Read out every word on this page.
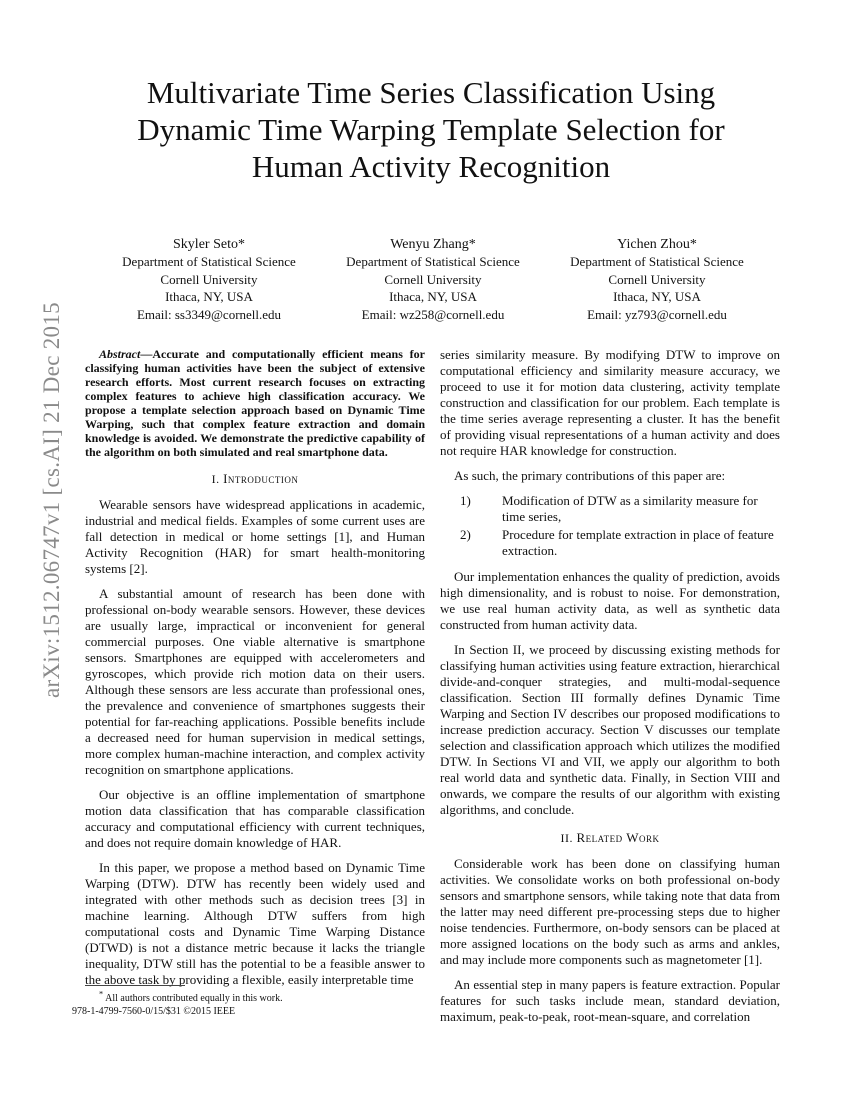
arXiv:1512.06747v1 [cs.AI] 21 Dec 2015
Multivariate Time Series Classification Using
Dynamic Time Warping Template Selection for
Human Activity Recognition
Skyler Seto*
Department of Statistical Science
Cornell University
Ithaca, NY, USA
Email: ss3349@cornell.edu
Wenyu Zhang*
Department of Statistical Science
Cornell University
Ithaca, NY, USA
Email: wz258@cornell.edu
Yichen Zhou*
Department of Statistical Science
Cornell University
Ithaca, NY, USA
Email: yz793@cornell.edu

Abstract—Accurate and computationally efficient means for classifying human activities have been the subject of extensive research efforts. Most current research focuses on extracting complex features to achieve high classification accuracy. We propose a template selection approach based on Dynamic Time Warping, such that complex feature extraction and domain knowledge is avoided. We demonstrate the predictive capability of the algorithm on both simulated and real smartphone data.

I. Introduction

Wearable sensors have widespread applications in academic, industrial and medical fields. Examples of some current uses are fall detection in medical or home settings [1], and Human Activity Recognition (HAR) for smart health-monitoring systems [2].

A substantial amount of research has been done with professional on-body wearable sensors. However, these devices are usually large, impractical or inconvenient for general commercial purposes. One viable alternative is smartphone sensors. Smartphones are equipped with accelerometers and gyroscopes, which provide rich motion data on their users. Although these sensors are less accurate than professional ones, the prevalence and convenience of smartphones suggests their potential for far-reaching applications. Possible benefits include a decreased need for human supervision in medical settings, more complex human-machine interaction, and complex activity recognition on smartphone applications.

Our objective is an offline implementation of smartphone motion data classification that has comparable classification accuracy and computational efficiency with current techniques, and does not require domain knowledge of HAR.

In this paper, we propose a method based on Dynamic Time Warping (DTW). DTW has recently been widely used and integrated with other methods such as decision trees [3] in machine learning. Although DTW suffers from high computational costs and Dynamic Time Warping Distance (DTWD) is not a distance metric because it lacks the triangle inequality, DTW still has the potential to be a feasible answer to the above task by providing a flexible, easily interpretable time

series similarity measure. By modifying DTW to improve on computational efficiency and similarity measure accuracy, we proceed to use it for motion data clustering, activity template construction and classification for our problem. Each template is the time series average representing a cluster. It has the benefit of providing visual representations of a human activity and does not require HAR knowledge for construction.

As such, the primary contributions of this paper are:

1)	Modification of DTW as a similarity measure for time series,
2)	Procedure for template extraction in place of feature extraction.

Our implementation enhances the quality of prediction, avoids high dimensionality, and is robust to noise. For demonstration, we use real human activity data, as well as synthetic data constructed from human activity data.

In Section II, we proceed by discussing existing methods for classifying human activities using feature extraction, hierarchical divide-and-conquer strategies, and multi-modal-sequence classification. Section III formally defines Dynamic Time Warping and Section IV describes our proposed modifications to increase prediction accuracy. Section V discusses our template selection and classification approach which utilizes the modified DTW. In Sections VI and VII, we apply our algorithm to both real world data and synthetic data. Finally, in Section VIII and onwards, we compare the results of our algorithm with existing algorithms, and conclude.

II. Related Work

Considerable work has been done on classifying human activities. We consolidate works on both professional on-body sensors and smartphone sensors, while taking note that data from the latter may need different pre-processing steps due to higher noise tendencies. Furthermore, on-body sensors can be placed at more assigned locations on the body such as arms and ankles, and may include more components such as magnetometer [1].

An essential step in many papers is feature extraction. Popular features for such tasks include mean, standard deviation, maximum, peak-to-peak, root-mean-square, and correlation

* All authors contributed equally in this work.
978-1-4799-7560-0/15/$31 ©2015 IEEE
